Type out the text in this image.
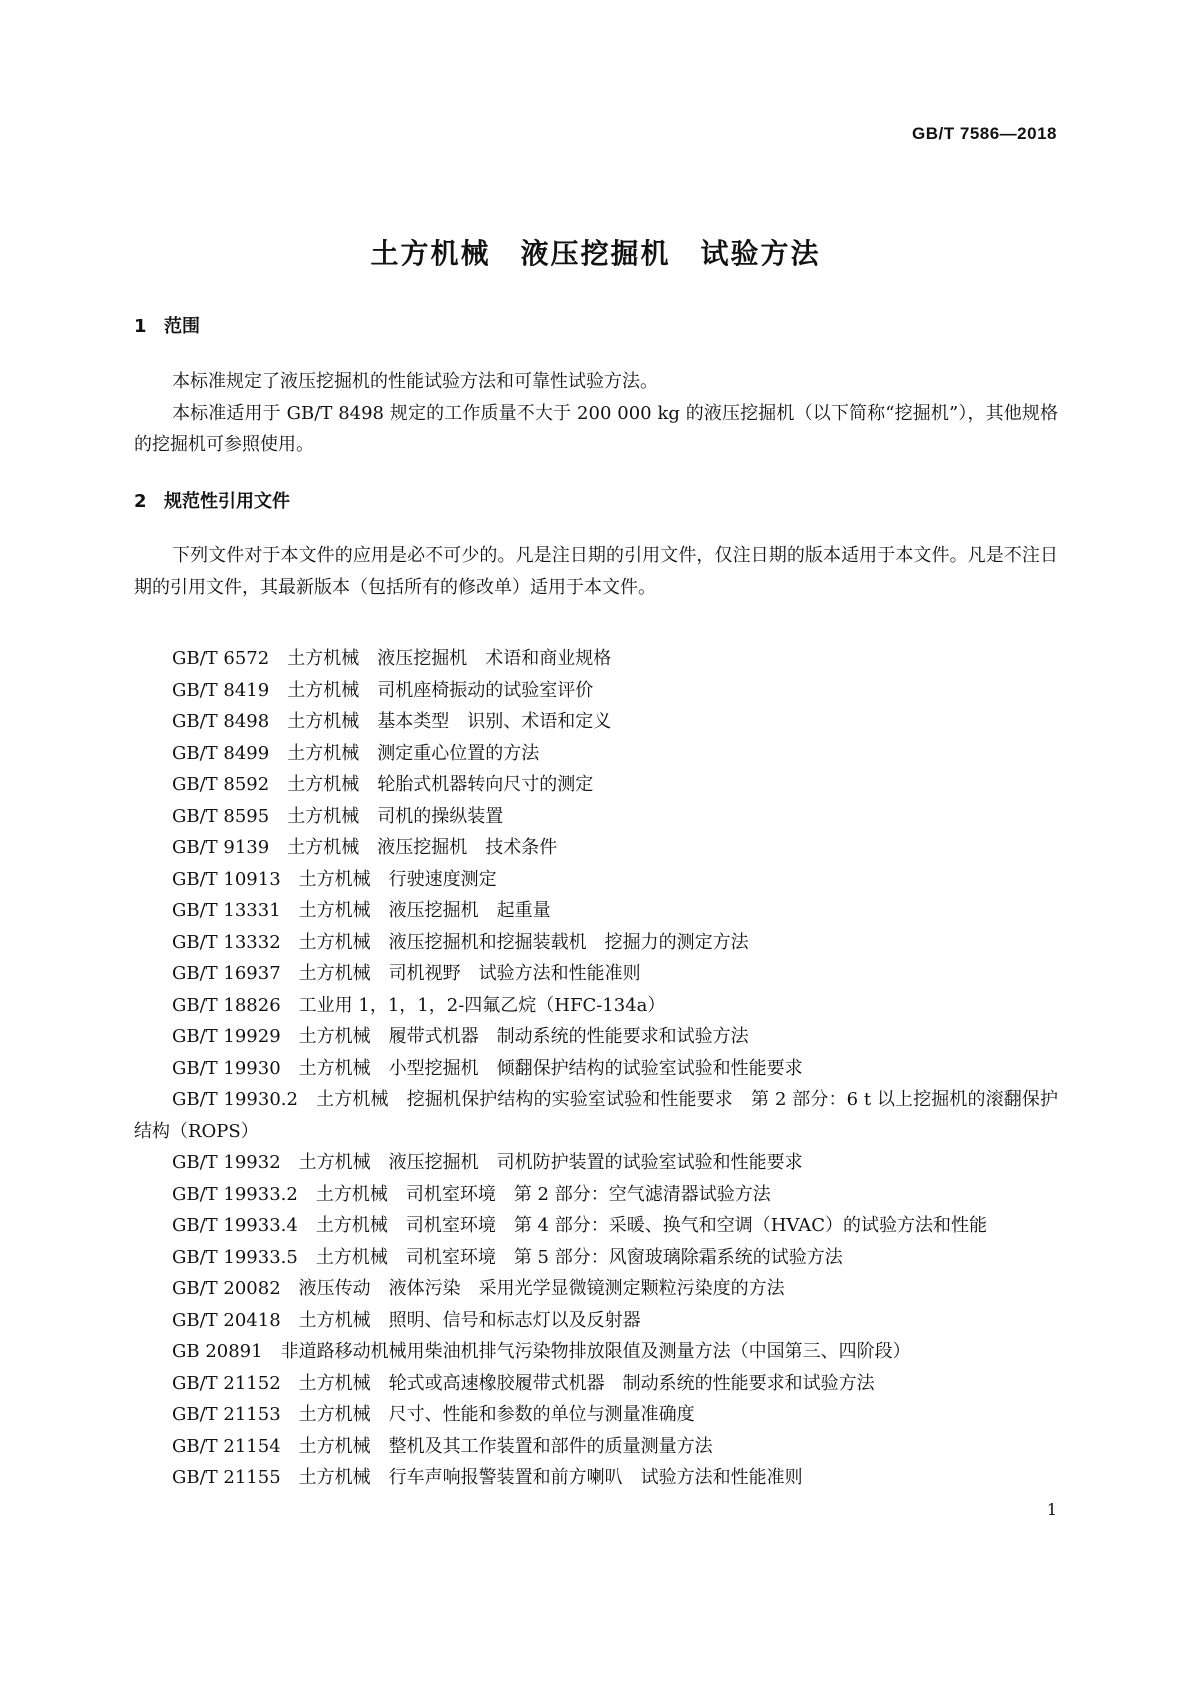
GB/T 7586—2018
土方机械　液压挖掘机　试验方法
1 范围

本标准规定了液压挖掘机的性能试验方法和可靠性试验方法。

本标准适用于 GB/T 8498 规定的工作质量不大于 200 000 kg 的液压挖掘机（以下简称“挖掘机”），其他规格的挖掘机可参照使用。

2 规范性引用文件

下列文件对于本文件的应用是必不可少的。凡是注日期的引用文件，仅注日期的版本适用于本文件。凡是不注日期的引用文件，其最新版本（包括所有的修改单）适用于本文件。

GB/T 6572　土方机械　液压挖掘机　术语和商业规格
GB/T 8419　土方机械　司机座椅振动的试验室评价
GB/T 8498　土方机械　基本类型　识别、术语和定义
GB/T 8499　土方机械　测定重心位置的方法
GB/T 8592　土方机械　轮胎式机器转向尺寸的测定
GB/T 8595　土方机械　司机的操纵装置
GB/T 9139　土方机械　液压挖掘机　技术条件
GB/T 10913　土方机械　行驶速度测定
GB/T 13331　土方机械　液压挖掘机　起重量
GB/T 13332　土方机械　液压挖掘机和挖掘装载机　挖掘力的测定方法
GB/T 16937　土方机械　司机视野　试验方法和性能准则
GB/T 18826　工业用 1，1，1，2-四氟乙烷（HFC-134a）
GB/T 19929　土方机械　履带式机器　制动系统的性能要求和试验方法
GB/T 19930　土方机械　小型挖掘机　倾翻保护结构的试验室试验和性能要求
GB/T 19930.2　土方机械　挖掘机保护结构的实验室试验和性能要求　第 2 部分：6 t 以上挖掘机的滚翻保护结构（ROPS）
GB/T 19932　土方机械　液压挖掘机　司机防护装置的试验室试验和性能要求
GB/T 19933.2　土方机械　司机室环境　第 2 部分：空气滤清器试验方法
GB/T 19933.4　土方机械　司机室环境　第 4 部分：采暖、换气和空调（HVAC）的试验方法和性能
GB/T 19933.5　土方机械　司机室环境　第 5 部分：风窗玻璃除霜系统的试验方法
GB/T 20082　液压传动　液体污染　采用光学显微镜测定颗粒污染度的方法
GB/T 20418　土方机械　照明、信号和标志灯以及反射器
GB 20891　非道路移动机械用柴油机排气污染物排放限值及测量方法（中国第三、四阶段）
GB/T 21152　土方机械　轮式或高速橡胶履带式机器　制动系统的性能要求和试验方法
GB/T 21153　土方机械　尺寸、性能和参数的单位与测量准确度
GB/T 21154　土方机械　整机及其工作装置和部件的质量测量方法
GB/T 21155　土方机械　行车声响报警装置和前方喇叭　试验方法和性能准则
1
